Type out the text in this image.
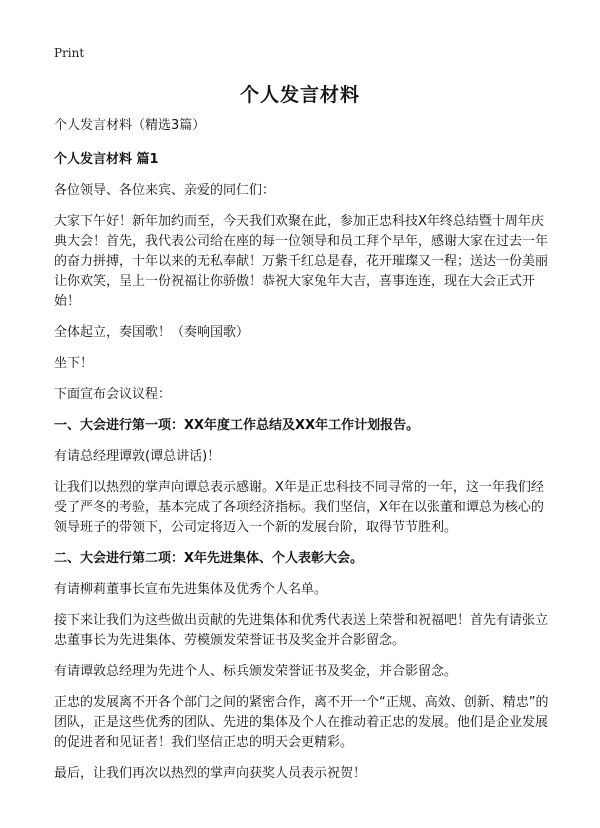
Print
个人发言材料

个人发言材料（精选3篇）

个人发言材料 篇1

各位领导、各位来宾、亲爱的同仁们：

大家下午好！新年加约而至，今天我们欢聚在此，参加正忠科技X年终总结暨十周年庆典大会！首先，我代表公司给在座的每一位领导和员工拜个早年，感谢大家在过去一年的奋力拼搏，十年以来的无私奉献！万紫千红总是春，花开璀璨又一程；送达一份美丽让你欢笑，呈上一份祝福让你骄傲！恭祝大家兔年大吉，喜事连连，现在大会正式开始！

全体起立，奏国歌！（奏响国歌）

坐下！

下面宣布会议议程：

一、大会进行第一项：XX年度工作总结及XX年工作计划报告。

有请总经理谭敦(谭总讲话)！

让我们以热烈的掌声向谭总表示感谢。X年是正忠科技不同寻常的一年，这一年我们经受了严冬的考验，基本完成了各项经济指标。我们坚信，X年在以张董和谭总为核心的领导班子的带领下，公司定将迈入一个新的发展台阶，取得节节胜利。

二、大会进行第二项：X年先进集体、个人表彰大会。

有请柳莉董事长宣布先进集体及优秀个人名单。

接下来让我们为这些做出贡献的先进集体和优秀代表送上荣誉和祝福吧！首先有请张立忠董事长为先进集体、劳模颁发荣誉证书及奖金并合影留念。

有请谭敦总经理为先进个人、标兵颁发荣誉证书及奖金，并合影留念。

正忠的发展离不开各个部门之间的紧密合作，离不开一个“正规、高效、创新、精忠”的团队，正是这些优秀的团队、先进的集体及个人在推动着正忠的发展。他们是企业发展的促进者和见证者！我们坚信正忠的明天会更精彩。

最后，让我们再次以热烈的掌声向获奖人员表示祝贺！
